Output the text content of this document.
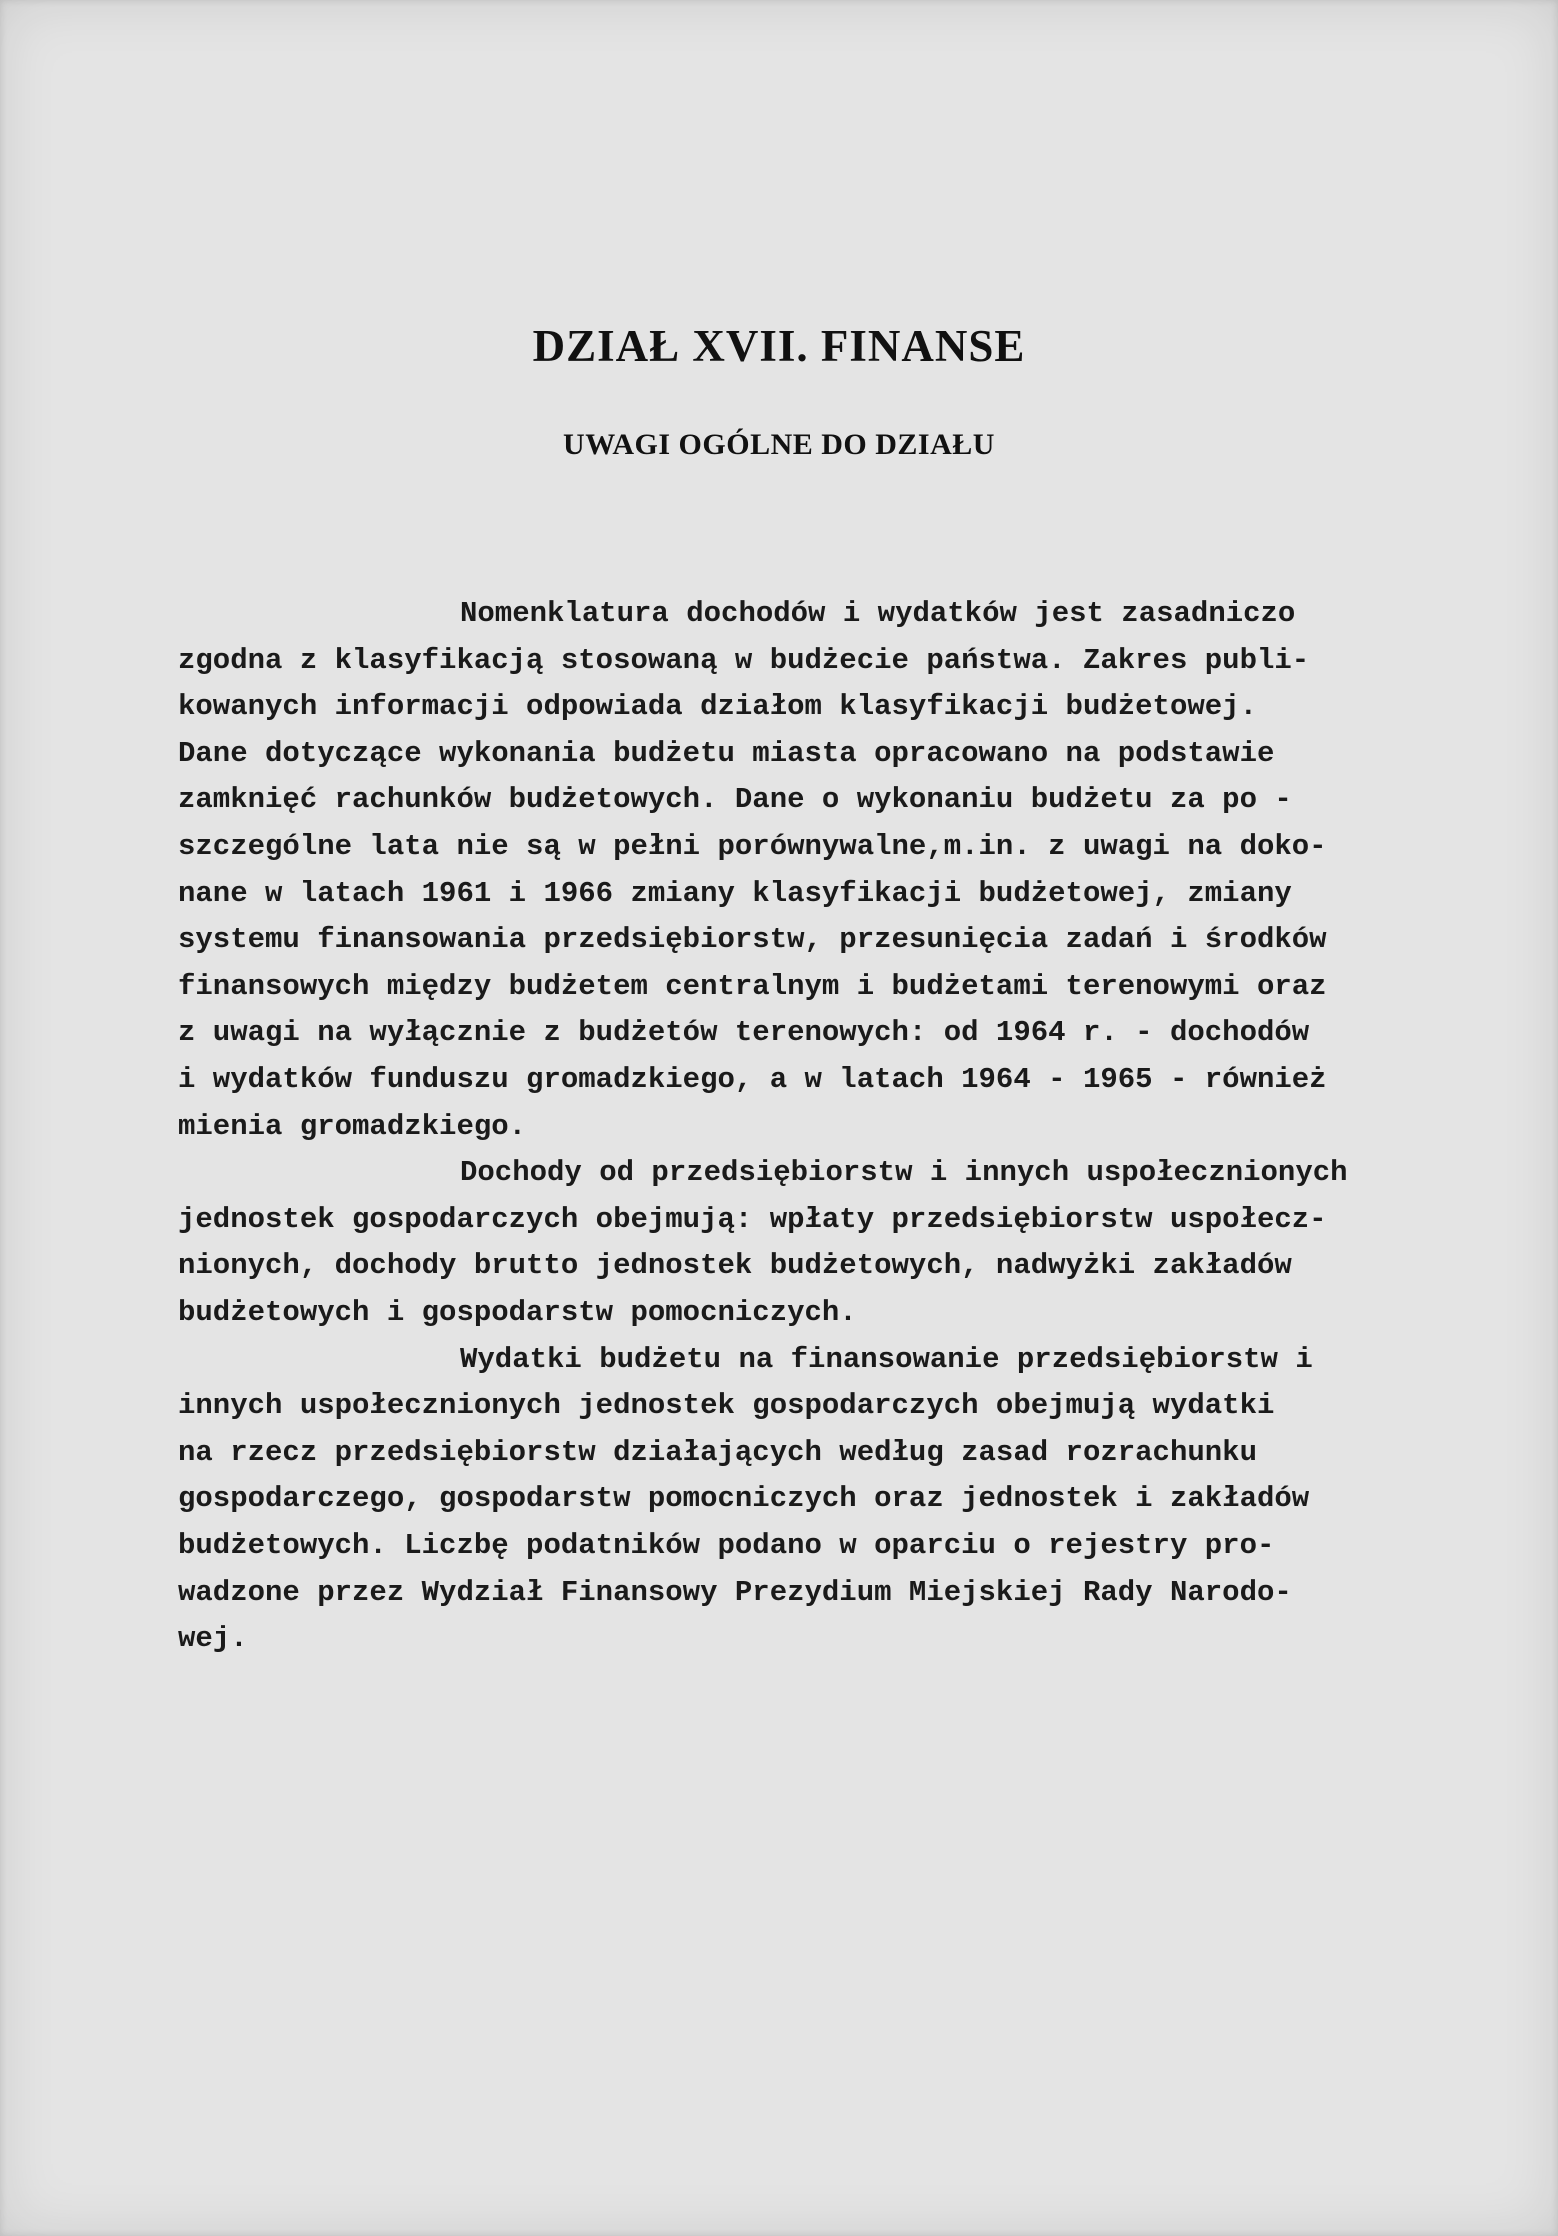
DZIAŁ XVII. FINANSE
UWAGI OGÓLNE DO DZIAŁU
Nomenklatura dochodów i wydatków jest zasadniczo
zgodna z klasyfikacją stosowaną w budżecie państwa. Zakres publi-
kowanych informacji odpowiada działom klasyfikacji budżetowej.
Dane dotyczące wykonania budżetu miasta opracowano na podstawie
zamknięć rachunków budżetowych. Dane o wykonaniu budżetu za po -
szczególne lata nie są w pełni porównywalne,m.in. z uwagi na doko-
nane w latach 1961 i 1966 zmiany klasyfikacji budżetowej, zmiany
systemu finansowania przedsiębiorstw, przesunięcia zadań i środków
finansowych między budżetem centralnym i budżetami terenowymi oraz
z uwagi na wyłącznie z budżetów terenowych: od 1964 r. - dochodów
i wydatków funduszu gromadzkiego, a w latach 1964 - 1965 - również
mienia gromadzkiego.
Dochody od przedsiębiorstw i innych uspołecznionych
jednostek gospodarczych obejmują: wpłaty przedsiębiorstw uspołecz-
nionych, dochody brutto jednostek budżetowych, nadwyżki zakładów
budżetowych i gospodarstw pomocniczych.
Wydatki budżetu na finansowanie przedsiębiorstw i
innych uspołecznionych jednostek gospodarczych obejmują wydatki
na rzecz przedsiębiorstw działających według zasad rozrachunku
gospodarczego, gospodarstw pomocniczych oraz jednostek i zakładów
budżetowych. Liczbę podatników podano w oparciu o rejestry pro-
wadzone przez Wydział Finansowy Prezydium Miejskiej Rady Narodo-
wej.
